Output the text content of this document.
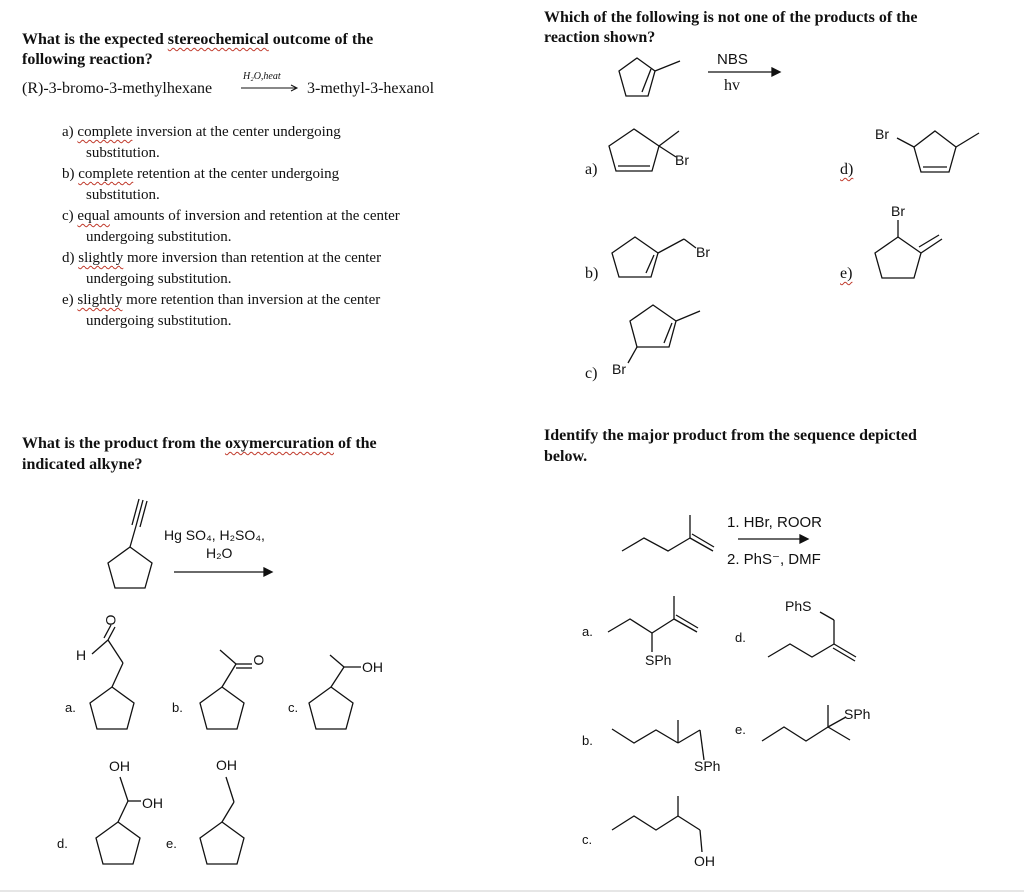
What is the expected stereochemical outcome of the
following reaction?
(R)-3-bromo-3-methylhexane
H₂O,heat
3-methyl-3-hexanol
a) complete inversion at the center undergoing
substitution.
b) complete retention at the center undergoing
substitution.
c) equal amounts of inversion and retention at the center
undergoing substitution.
d) slightly more inversion than retention at the center
undergoing substitution.
e) slightly more retention than inversion at the center
undergoing substitution.
Which of the following is not one of the products of the
reaction shown?
NBS
hv
a)
b)
c)
d)
e)
Br
Br
Br
Br
Br
What is the product from the oxymercuration of the
indicated alkyne?
Hg SO₄, H₂SO₄,
H₂O
a.	b.	c.
d.	e.
O
H	O	OH
OH
OH
OH
Identify the major product from the sequence depicted
below.
1. HBr, ROOR
2. PhS⁻, DMF
a.
b.
c.
d.
e.
SPh
SPh
OH
PhS
SPh
